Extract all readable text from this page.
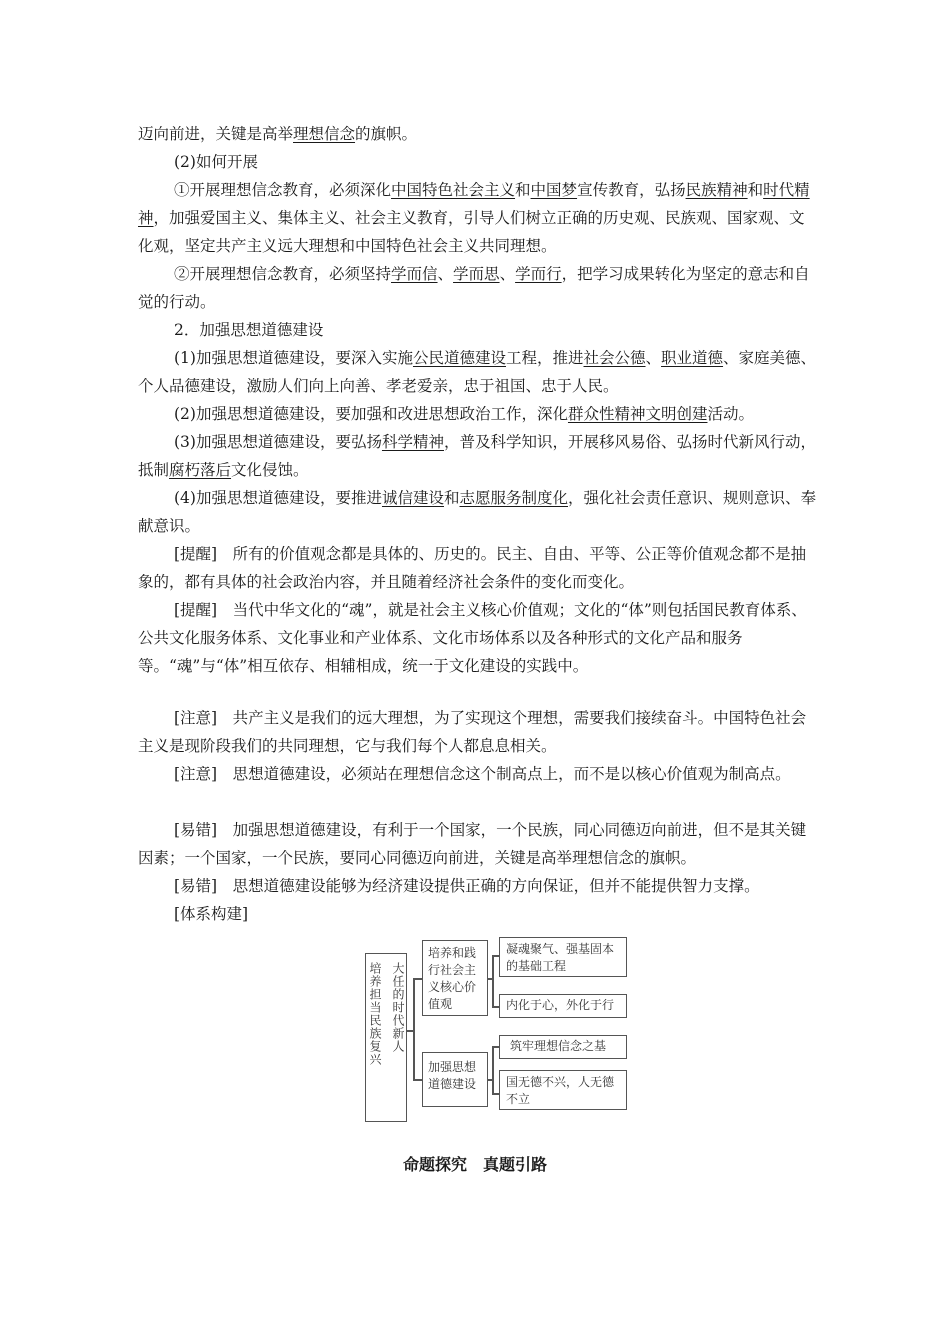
迈向前进，关键是高举理想信念的旗帜。

(2)如何开展

①开展理想信念教育，必须深化中国特色社会主义和中国梦宣传教育，弘扬民族精神和时代精神，加强爱国主义、集体主义、社会主义教育，引导人们树立正确的历史观、民族观、国家观、文化观，坚定共产主义远大理想和中国特色社会主义共同理想。

②开展理想信念教育，必须坚持学而信、学而思、学而行，把学习成果转化为坚定的意志和自觉的行动。

2．加强思想道德建设

(1)加强思想道德建设，要深入实施公民道德建设工程，推进社会公德、职业道德、家庭美德、个人品德建设，激励人们向上向善、孝老爱亲，忠于祖国、忠于人民。

(2)加强思想道德建设，要加强和改进思想政治工作，深化群众性精神文明创建活动。

(3)加强思想道德建设，要弘扬科学精神，普及科学知识，开展移风易俗、弘扬时代新风行动，抵制腐朽落后文化侵蚀。

(4)加强思想道德建设，要推进诚信建设和志愿服务制度化，强化社会责任意识、规则意识、奉献意识。

[提醒]　所有的价值观念都是具体的、历史的。民主、自由、平等、公正等价值观念都不是抽象的，都有具体的社会政治内容，并且随着经济社会条件的变化而变化。

[提醒]　当代中华文化的“魂”，就是社会主义核心价值观；文化的“体”则包括国民教育体系、公共文化服务体系、文化事业和产业体系、文化市场体系以及各种形式的文化产品和服务等。“魂”与“体”相互依存、相辅相成，统一于文化建设的实践中。

[注意]　共产主义是我们的远大理想，为了实现这个理想，需要我们接续奋斗。中国特色社会主义是现阶段我们的共同理想，它与我们每个人都息息相关。

[注意]　思想道德建设，必须站在理想信念这个制高点上，而不是以核心价值观为制高点。

[易错]　加强思想道德建设，有利于一个国家，一个民族，同心同德迈向前进，但不是其关键因素；一个国家，一个民族，要同心同德迈向前进，关键是高举理想信念的旗帜。

[易错]　思想道德建设能够为经济建设提供正确的方向保证，但并不能提供智力支撑。

[体系构建]

培养担当民族复兴 大任的时代新人
培养和践行社会主义核心价值观
加强思想道德建设
凝魂聚气、强基固本的基础工程
内化于心，外化于行
筑牢理想信念之基
国无德不兴，人无德不立
命题探究　真题引路
